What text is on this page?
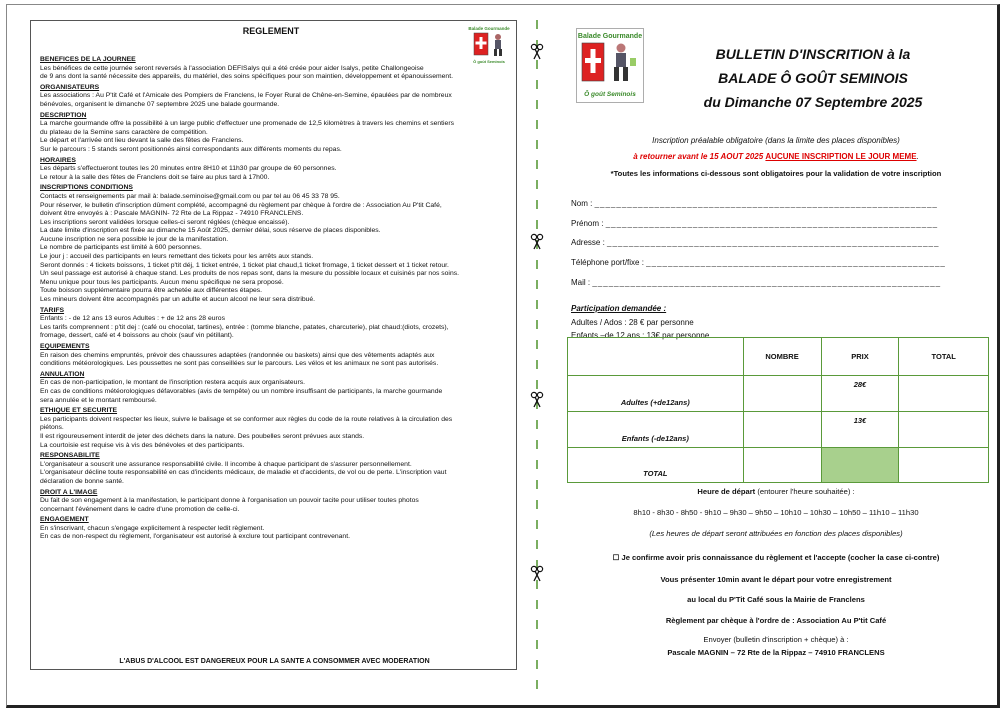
REGLEMENT	Balade Gourmande
Ô goût Seminois
BENEFICES DE LA JOURNEE
Les bénéfices de cette journée seront reversés à l'association DEFISalys qui a été créée pour aider Isalys, petite Challongeoise
de 9 ans dont la santé nécessite des appareils, du matériel, des soins spécifiques pour son maintien, développement et épanouissement.
ORGANISATEURS
Les associations : Au P'tit Café et l'Amicale des Pompiers de Franclens, le Foyer Rural de Chêne-en-Semine, épaulées par de nombreux
bénévoles, organisent le dimanche 07 septembre 2025 une balade gourmande.
DESCRIPTION
La marche gourmande offre la possibilité à un large public d'effectuer une promenade de 12,5 kilomètres à travers les chemins et sentiers
du plateau de la Semine sans caractère de compétition.
Le départ et l'arrivée ont lieu devant la salle des fêtes de Franclens.
Sur le parcours : 5 stands seront positionnés ainsi correspondants aux différents moments du repas.
HORAIRES
Les départs s'effectueront toutes les 20 minutes entre 8H10 et 11h30 par groupe de 60 personnes.
Le retour à la salle des fêtes de Franclens doit se faire au plus tard à 17h00.
INSCRIPTIONS CONDITIONS
Contacts et renseignements par mail à: balade.seminoise@gmail.com ou par tel au 06 45 33 78 95.
Pour réserver, le bulletin d'inscription dûment complété, accompagné du règlement par chèque à l'ordre de : Association Au P'tit Café,
doivent être envoyés à : Pascale MAGNIN- 72 Rte de La Rippaz - 74910 FRANCLENS.
Les inscriptions seront validées lorsque celles-ci seront réglées (chèque encaissé).
La date limite d'inscription est fixée au dimanche 15 Août 2025, dernier délai, sous réserve de places disponibles.
Aucune inscription ne sera possible le jour de la manifestation.
Le nombre de participants est limité à 600 personnes.
Le jour j : accueil des participants en leurs remettant des tickets pour les arrêts aux stands.
Seront donnés : 4 tickets boissons, 1 ticket p'tit déj, 1 ticket entrée, 1 ticket plat chaud,1 ticket fromage, 1 ticket dessert et 1 ticket retour.
Un seul passage est autorisé à chaque stand. Les produits de nos repas sont, dans la mesure du possible locaux et cuisinés par nos soins.
Menu unique pour tous les participants. Aucun menu spécifique ne sera proposé.
Toute boisson supplémentaire pourra être achetée aux différentes étapes.
Les mineurs doivent être accompagnés par un adulte et aucun alcool ne leur sera distribué.
TARIFS
Enfants : - de 12 ans 13 euros Adultes : + de 12 ans 28 euros
Les tarifs comprennent : p'tit dej : (café ou chocolat, tartines), entrée : (tomme blanche, patates, charcuterie), plat chaud:(diots, crozets),
fromage, dessert, café et 4 boissons au choix (sauf vin pétillant).
EQUIPEMENTS
En raison des chemins empruntés, prévoir des chaussures adaptées (randonnée ou baskets) ainsi que des vêtements adaptés aux
conditions météorologiques. Les poussettes ne sont pas conseillées sur le parcours. Les vélos et les animaux ne sont pas autorisés.
ANNULATION
En cas de non-participation, le montant de l'inscription restera acquis aux organisateurs.
En cas de conditions météorologiques défavorables (avis de tempête) ou un nombre insuffisant de participants, la marche gourmande
sera annulée et le montant remboursé.
ETHIQUE ET SECURITE
Les participants doivent respecter les lieux, suivre le balisage et se conformer aux règles du code de la route relatives à la circulation des
piétons.
Il est rigoureusement interdit de jeter des déchets dans la nature. Des poubelles seront prévues aux stands.
La courtoisie est requise vis à vis des bénévoles et des participants.
RESPONSABILITE
L'organisateur a souscrit une assurance responsabilité civile. Il incombe à chaque participant de s'assurer personnellement.
L'organisateur décline toute responsabilité en cas d'incidents médicaux, de maladie et d'accidents, de vol ou de perte. L'inscription vaut
déclaration de bonne santé.
DROIT A L'IMAGE
Du fait de son engagement à la manifestation, le participant donne à l'organisation un pouvoir tacite pour utiliser toutes photos
concernant l'événement dans le cadre d'une promotion de celle-ci.
ENGAGEMENT
En s'inscrivant, chacun s'engage explicitement à respecter ledit règlement.
En cas de non-respect du règlement, l'organisateur est autorisé à exclure tout participant contrevenant.
L'ABUS D'ALCOOL EST DANGEREUX POUR LA SANTE A CONSOMMER AVEC MODERATION
Balade Gourmande
Ô goût Seminois
BULLETIN D'INSCRITION à la
BALADE Ô GOÛT SEMINOIS
du Dimanche 07 Septembre 2025
Inscription préalable obligatoire (dans la limite des places disponibles)
à retourner avant le 15 AOUT 2025 AUCUNE INSCRIPTION LE JOUR MEME.
*Toutes les informations ci-dessous sont obligatoires pour la validation de votre inscription
Nom : _______________________________________________________________
Prénom : _____________________________________________________________
Adresse : _____________________________________________________________
Téléphone port/fixe : _______________________________________________________
Mail : ________________________________________________________________
Participation demandée :
Adultes / Ados : 28 € par personne
Enfants –de 12 ans : 13€ par personne.
	NOMBRE	PRIX	TOTAL
Adultes (+de12ans)		28€	
Enfants (-de12ans)		13€	
TOTAL			
Heure de départ (entourer l'heure souhaitée) :
8h10 - 8h30 - 8h50 - 9h10 – 9h30 – 9h50 – 10h10 – 10h30 – 10h50 – 11h10 – 11h30
(Les heures de départ seront attribuées en fonction des places disponibles)
☐ Je confirme avoir pris connaissance du règlement et l'accepte (cocher la case ci-contre)
Vous présenter 10min avant le départ pour votre enregistrement
au local du P'Tit Café sous la Mairie de Franclens
Règlement par chèque à l'ordre de : Association Au P'tit Café
Envoyer (bulletin d'inscription + chèque) à :
Pascale MAGNIN – 72 Rte de la Rippaz – 74910 FRANCLENS
